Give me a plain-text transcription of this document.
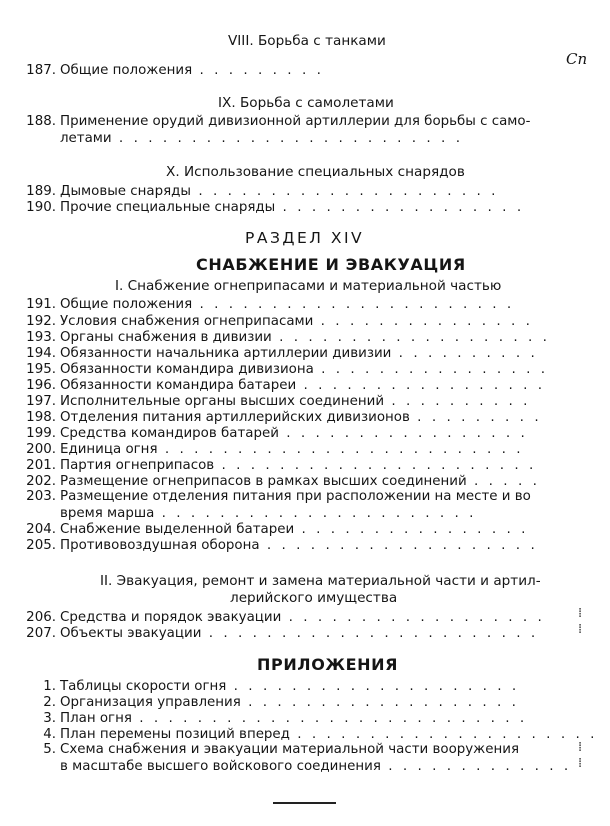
VIII. Борьба с танками
187. Общие положения . . . . . . . . .
Сп
IX. Борьба с самолетами
188. Применение орудий дивизионной артиллерии для борьбы с само-
летами . . . . . . . . . . . . . . . . . . . . . . . .
X. Использование специальных снарядов
189. Дымовые снаряды . . . . . . . . . . . . . . . . . . . . .
190. Прочие специальные снаряды . . . . . . . . . . . . . . . . .
РАЗДЕЛ XIV
СНАБЖЕНИЕ И ЭВАКУАЦИЯ
I. Снабжение огнеприпасами и материальной частью
191. Общие положения . . . . . . . . . . . . . . . . . . . . . .
192. Условия снабжения огнеприпасами . . . . . . . . . . . . . . .
193. Органы снабжения в дивизии . . . . . . . . . . . . . . . . . . .
194. Обязанности начальника артиллерии дивизии . . . . . . . . . .
195. Обязанности командира дивизиона . . . . . . . . . . . . . . . .
196. Обязанности командира батареи . . . . . . . . . . . . . . . . .
197. Исполнительные органы высших соединений . . . . . . . . . .
198. Отделения питания артиллерийских дивизионов . . . . . . . . .
199. Средства командиров батарей . . . . . . . . . . . . . . . . .
200. Единица огня . . . . . . . . . . . . . . . . . . . . . . . . .
201. Партия огнеприпасов . . . . . . . . . . . . . . . . . . . . . .
202. Размещение огнеприпасов в рамках высших соединений . . . . .
203. Размещение отделения питания при расположении на месте и во
время марша . . . . . . . . . . . . . . . . . . . . . .
204. Снабжение выделенной батареи . . . . . . . . . . . . . . . .
205. Противовоздушная оборона . . . . . . . . . . . . . . . . . . .
II. Эвакуация, ремонт и замена материальной части и артил-
лерийского имущества
206. Средства и порядок эвакуации . . . . . . . . . . . . . . . . . .
207. Объекты эвакуации . . . . . . . . . . . . . . . . . . . . . . .
ПРИЛОЖЕНИЯ
1. Таблицы скорости огня . . . . . . . . . . . . . . . . . . . .
2. Организация управления . . . . . . . . . . . . . . . . . . .
3. План огня . . . . . . . . . . . . . . . . . . . . . . . . . . .
4. План перемены позиций вперед . . . . . . . . . . . . . . . . . . . . .
5. Схема снабжения и эвакуации материальной части вооружения
в масштабе высшего войскового соединения . . . . . . . . . . . . .
⁞
⁞
⁞
⁞
